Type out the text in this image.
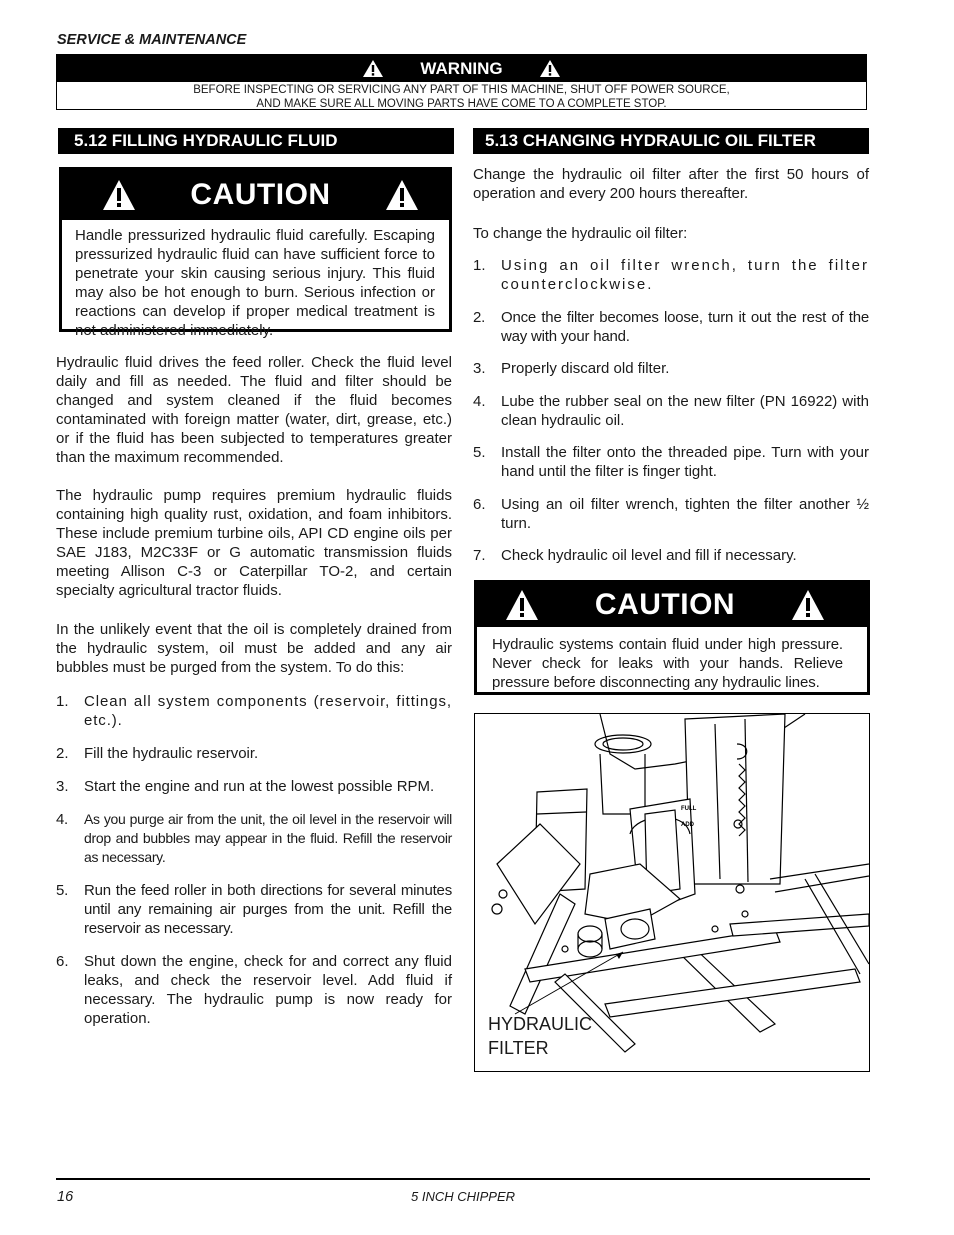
SERVICE & MAINTENANCE
WARNING
BEFORE INSPECTING OR SERVICING ANY PART OF THIS MACHINE, SHUT OFF POWER SOURCE,
AND MAKE SURE ALL MOVING PARTS HAVE COME TO A COMPLETE STOP.
5.12 FILLING HYDRAULIC FLUID
CAUTION
Handle pressurized hydraulic fluid carefully. Escaping pressurized hydraulic fluid can have sufficient force to penetrate your skin causing serious injury. This fluid may also be hot enough to burn. Serious infection or reactions can develop if proper medical treatment is not administered immediately.
Hydraulic fluid drives the feed roller. Check the fluid level daily and fill as needed. The fluid and filter should be changed and system cleaned if the fluid becomes contaminated with foreign matter (water, dirt, grease, etc.) or if the fluid has been subjected to temperatures greater than the maximum recommended.
The hydraulic pump requires premium hydraulic fluids containing high quality rust, oxidation, and foam inhibitors. These include premium turbine oils, API CD engine oils per SAE J183, M2C33F or G automatic transmission fluids meeting Allison C-3 or Caterpillar TO-2, and certain specialty agricultural tractor fluids.
In the unlikely event that the oil is completely drained from the hydraulic system, oil must be added and any air bubbles must be purged from the system. To do this:
1. Clean all system components (reservoir, fittings, etc.).
2. Fill the hydraulic reservoir.
3. Start the engine and run at the lowest possible RPM.
4. As you purge air from the unit, the oil level in the reservoir will drop and bubbles may appear in the fluid. Refill the reservoir as necessary.
5. Run the feed roller in both directions for several minutes until any remaining air purges from the unit. Refill the reservoir as necessary.
6. Shut down the engine, check for and correct any fluid leaks, and check the reservoir level. Add fluid if necessary. The hydraulic pump is now ready for operation.
5.13 CHANGING HYDRAULIC OIL FILTER
Change the hydraulic oil filter after the first 50 hours of operation and every 200 hours thereafter.
To change the hydraulic oil filter:
1. Using an oil filter wrench, turn the filter counterclockwise.
2. Once the filter becomes loose, turn it out the rest of the way with your hand.
3. Properly discard old filter.
4. Lube the rubber seal on the new filter (PN 16922) with clean hydraulic oil.
5. Install the filter onto the threaded pipe. Turn with your hand until the filter is finger tight.
6. Using an oil filter wrench, tighten the filter another ½ turn.
7. Check hydraulic oil level and fill if necessary.
CAUTION
Hydraulic systems contain fluid under high pressure. Never check for leaks with your hands. Relieve pressure before disconnecting any hydraulic lines.
FULL
ADD
HYDRAULIC
FILTER
16	5 INCH CHIPPER
